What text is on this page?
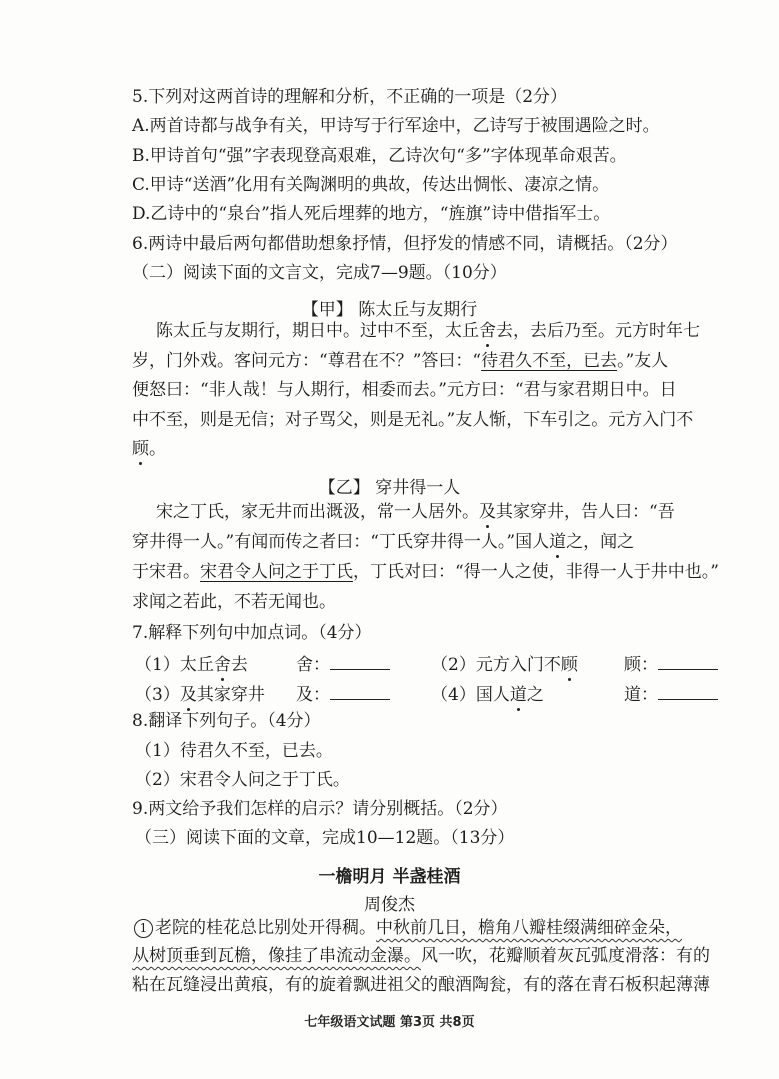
5.下列对这两首诗的理解和分析，不正确的一项是（2分）
A.两首诗都与战争有关，甲诗写于行军途中，乙诗写于被围遇险之时。
B.甲诗首句“强”字表现登高艰难，乙诗次句“多”字体现革命艰苦。
C.甲诗“送酒”化用有关陶渊明的典故，传达出惆怅、凄凉之情。
D.乙诗中的“泉台”指人死后埋葬的地方，“旌旗”诗中借指军士。
6.两诗中最后两句都借助想象抒情，但抒发的情感不同，请概括。（2分）
（二）阅读下面的文言文，完成7—9题。（10分）
【甲】 陈太丘与友期行
陈太丘与友期行，期日中。过中不至，太丘舍去，去后乃至。元方时年七
岁，门外戏。客问元方：“尊君在不？”答曰：“待君久不至，已去。”友人
便怒曰：“非人哉！与人期行，相委而去。”元方曰：“君与家君期日中。日
中不至，则是无信；对子骂父，则是无礼。”友人惭，下车引之。元方入门不
顾。
【乙】 穿井得一人
宋之丁氏，家无井而出溉汲，常一人居外。及其家穿井，告人曰：“吾
穿井得一人。”有闻而传之者曰：“丁氏穿井得一人。”国人道之，闻之
于宋君。宋君令人问之于丁氏，丁氏对曰：“得一人之使，非得一人于井中也。”
求闻之若此，不若无闻也。
7.解释下列句中加点词。（4分）
（1）太丘舍去	舍：	（2）元方入门不顾	顾：
（3）及其家穿井 及：	（4）国人道之	道：
8.翻译下列句子。（4分）
（1）待君久不至，已去。
（2）宋君令人问之于丁氏。
9.两文给予我们怎样的启示？请分别概括。（2分）
（三）阅读下面的文章，完成10—12题。（13分）
一檐明月 半盏桂酒
周俊杰
1 老院的桂花总比别处开得稠。中秋前几日，檐角八瓣桂缀满细碎金朵，
从树顶垂到瓦檐，像挂了串流动金瀑。风一吹，花瓣顺着灰瓦弧度滑落：有的
粘在瓦缝浸出黄痕，有的旋着飘进祖父的酿酒陶瓮，有的落在青石板积起薄薄
七年级语文试题 第3页 共8页
